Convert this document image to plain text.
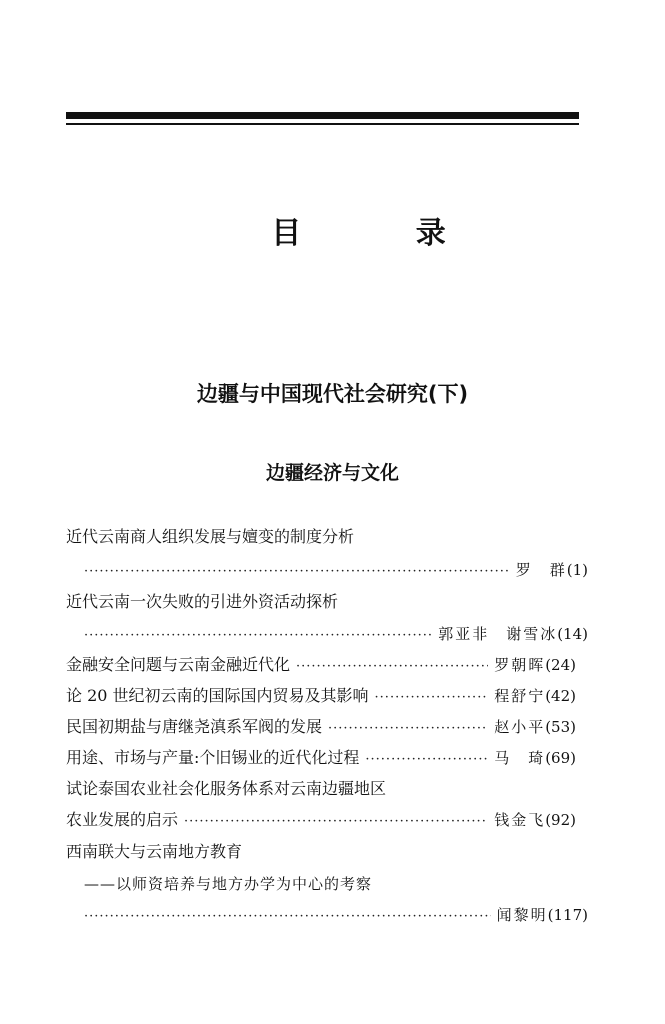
目 录
边疆与中国现代社会研究(下)
边疆经济与文化
近代云南商人组织发展与嬗变的制度分析
·····
罗　群(1)
近代云南一次失败的引进外资活动探析
·····
郭亚非　谢雪冰(14)
金融安全问题与云南金融近代化 ·····	罗朝晖(24)
论 20 世纪初云南的国际国内贸易及其影响 ·····	程舒宁(42)
民国初期盐与唐继尧滇系军阀的发展 ·····	赵小平(53)
用途、市场与产量:个旧锡业的近代化过程 ·····	马　琦(69)
试论泰国农业社会化服务体系对云南边疆地区
农业发展的启示 ·····	钱金飞(92)
西南联大与云南地方教育
——以师资培养与地方办学为中心的考察
·····
闻黎明(117)
